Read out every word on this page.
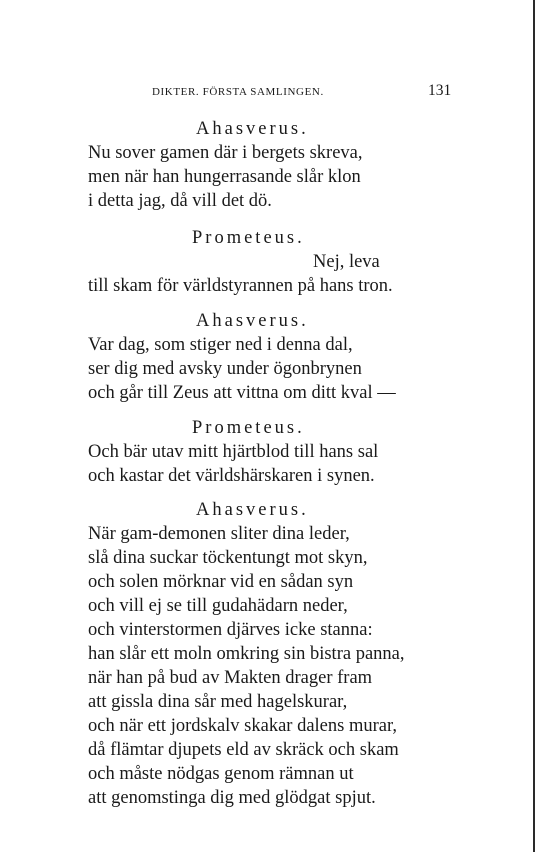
DIKTER. FÖRSTA SAMLINGEN.	131
Ahasverus.
Nu sover gamen där i bergets skreva,
men när han hungerrasande slår klon
i detta jag, då vill det dö.
Prometeus.
Nej, leva
till skam för världstyrannen på hans tron.
Ahasverus.
Var dag, som stiger ned i denna dal,
ser dig med avsky under ögonbrynen
och går till Zeus att vittna om ditt kval —
Prometeus.
Och bär utav mitt hjärtblod till hans sal
och kastar det världshärskaren i synen.
Ahasverus.
När gam-demonen sliter dina leder,
slå dina suckar töckentungt mot skyn,
och solen mörknar vid en sådan syn
och vill ej se till gudahädarn neder,
och vinterstormen djärves icke stanna:
han slår ett moln omkring sin bistra panna,
när han på bud av Makten drager fram
att gissla dina sår med hagelskurar,
och när ett jordskalv skakar dalens murar,
då flämtar djupets eld av skräck och skam
och måste nödgas genom rämnan ut
att genomstinga dig med glödgat spjut.
